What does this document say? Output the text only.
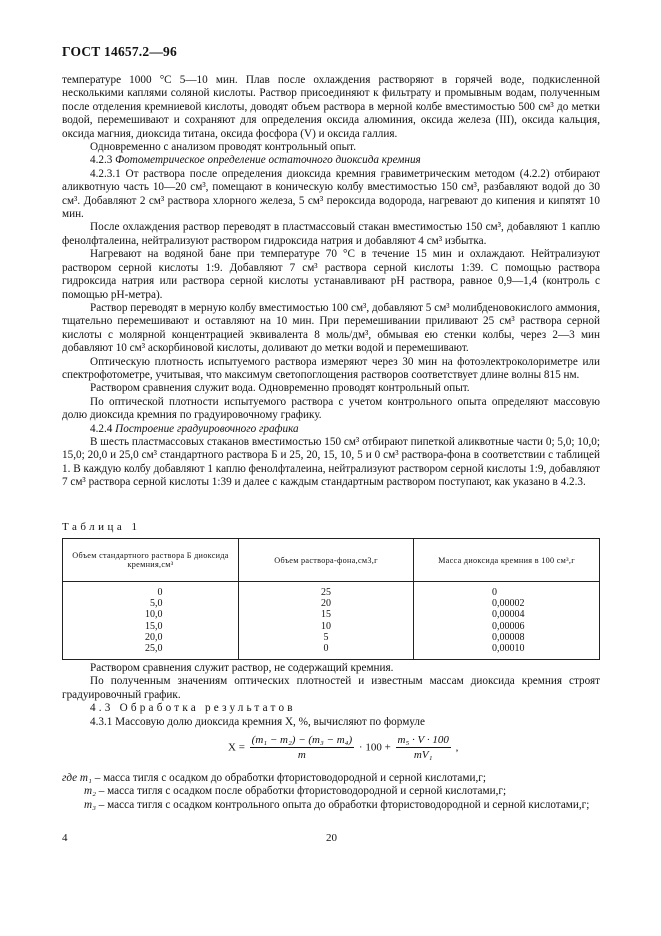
ГОСТ 14657.2—96

температуре 1000 °С 5—10 мин. Плав после охлаждения растворяют в горячей воде, подкисленной несколькими каплями соляной кислоты. Раствор присоединяют к фильтрату и промывным водам, полученным после отделения кремниевой кислоты, доводят объем раствора в мерной колбе вместимостью 500 см³ до метки водой, перемешивают и сохраняют для определения оксида алюминия, оксида железа (III), оксида кальция, оксида магния, диоксида титана, оксида фосфора (V) и оксида галлия.

Одновременно с анализом проводят контрольный опыт.

4.2.3 Фотометрическое определение остаточного диоксида кремния

4.2.3.1 От раствора после определения диоксида кремния гравиметрическим методом (4.2.2) отбирают аликвотную часть 10—20 см³, помещают в коническую колбу вместимостью 150 см³, разбавляют водой до 30 см³. Добавляют 2 см³ раствора хлорного железа, 5 см³ пероксида водорода, нагревают до кипения и кипятят 10 мин.

После охлаждения раствор переводят в пластмассовый стакан вместимостью 150 см³, добавляют 1 каплю фенолфталеина, нейтрализуют раствором гидроксида натрия и добавляют 4 см³ избытка.

Нагревают на водяной бане при температуре 70 °С в течение 15 мин и охлаждают. Нейтрализуют раствором серной кислоты 1:9. Добавляют 7 см³ раствора серной кислоты 1:39. С помощью раствора гидроксида натрия или раствора серной кислоты устанавливают рН раствора, равное 0,9—1,4 (контроль с помощью рН-метра).

Раствор переводят в мерную колбу вместимостью 100 см³, добавляют 5 см³ молибденовокислого аммония, тщательно перемешивают и оставляют на 10 мин. При перемешивании приливают 25 см³ раствора серной кислоты с молярной концентрацией эквивалента 8 моль/дм³, обмывая ею стенки колбы, через 2—3 мин добавляют 10 см³ аскорбиновой кислоты, доливают до метки водой и перемешивают.

Оптическую плотность испытуемого раствора измеряют через 30 мин на фотоэлектроколориметре или спектрофотометре, учитывая, что максимум светопоглощения растворов соответствует длине волны 815 нм.

Раствором сравнения служит вода. Одновременно проводят контрольный опыт.

По оптической плотности испытуемого раствора с учетом контрольного опыта определяют массовую долю диоксида кремния по градуировочному графику.

4.2.4 Построение градуировочного графика

В шесть пластмассовых стаканов вместимостью 150 см³ отбирают пипеткой аликвотные части 0; 5,0; 10,0; 15,0; 20,0 и 25,0 см³ стандартного раствора Б и 25, 20, 15, 10, 5 и 0 см³ раствора-фона в соответствии с таблицей 1. В каждую колбу добавляют 1 каплю фенолфталеина, нейтрализуют раствором серной кислоты 1:9, добавляют 7 см³ раствора серной кислоты 1:39 и далее с каждым стандартным раствором поступают, как указано в 4.2.3.

Таблица 1
Объем стандартного раствора Б диоксида кремния,см³	Объем раствора-фона,см3,г	Масса диоксида кремния в 100 см³,г
0	25	0
5,0	20	0,00002
10,0	15	0,00004
15,0	10	0,00006
20,0	5	0,00008
25,0	0	0,00010

Раствором сравнения служит раствор, не содержащий кремния.

По полученным значениям оптических плотностей и известным массам диоксида кремния строят градуировочный график.

4.3 Обработка результатов

4.3.1 Массовую долю диоксида кремния X, %, вычисляют по формуле

$X = \frac{\text{(m₁ − m₂) − (m₃ − m₄)}}{m} \cdot 100 + \frac{\text{m₅ · V · 100}}{\text{mV₁}}$ ,

где m₁ – масса тигля с осадком до обработки фтористоводородной и серной кислотами,г;

m₂ – масса тигля с осадком после обработки фтористоводородной и серной кислотами,г;

m₃ – масса тигля с осадком контрольного опыта до обработки фтористоводородной и серной кислотами,г;

4	20
